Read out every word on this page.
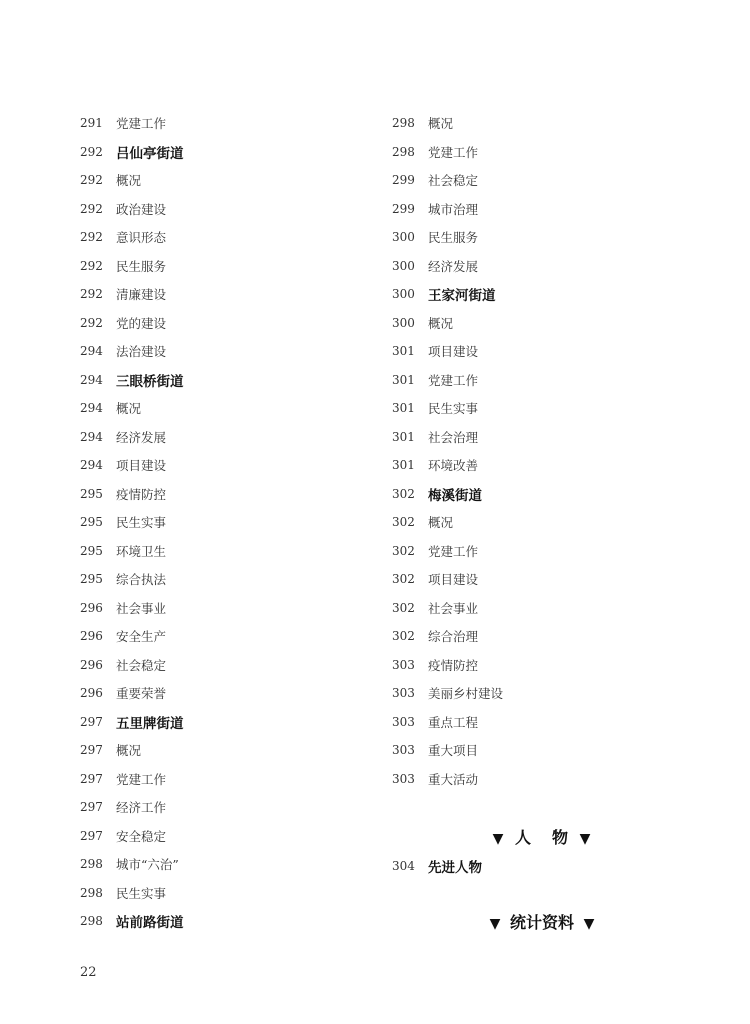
291	党建工作
292 吕仙亭街道
292	概况
292	政治建设
292	意识形态
292	民生服务
292	清廉建设
292	党的建设
294	法治建设
294 三眼桥街道
294	概况
294	经济发展
294	项目建设
295	疫情防控
295	民生实事
295	环境卫生
295	综合执法
296	社会事业
296	安全生产
296	社会稳定
296	重要荣誉
297 五里牌街道
297	概况
297	党建工作
297	经济工作
297	安全稳定
298	城市“六治”
298	民生实事
298 站前路街道
298	概况
298	党建工作
299	社会稳定
299	城市治理
300	民生服务
300	经济发展
300 王家河街道
300	概况
301	项目建设
301	党建工作
301	民生实事
301	社会治理
301	环境改善
302 梅溪街道
302	概况
302	党建工作
302	项目建设
302	社会事业
302	综合治理
303	疫情防控
303	美丽乡村建设
303	重点工程
303	重大项目
303	重大活动
▼ 人 物 ▼
304 先进人物
▼ 统计资料 ▼
22
